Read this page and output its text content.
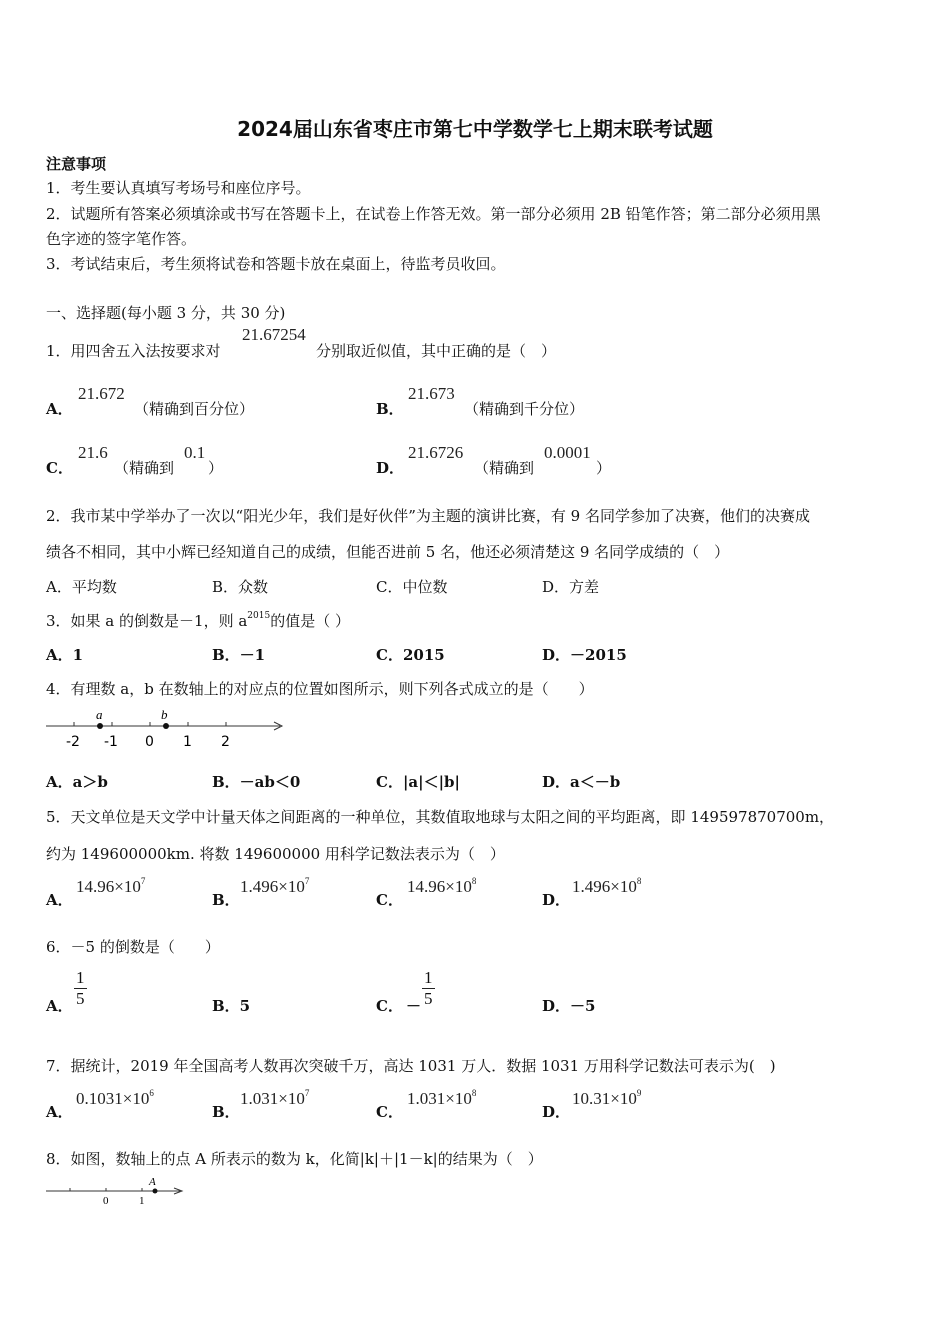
2024届山东省枣庄市第七中学数学七上期末联考试题
注意事项
1．考生要认真填写考场号和座位序号。
2．试题所有答案必须填涂或书写在答题卡上，在试卷上作答无效。第一部分必须用 2B 铅笔作答；第二部分必须用黑
色字迹的签字笔作答。
3．考试结束后，考生须将试卷和答题卡放在桌面上，待监考员收回。
一、选择题(每小题 3 分，共 30 分)
1．用四舍五入法按要求对
21.67254
分别取近似值，其中正确的是（　）
A．
21.672
（精确到百分位）	B．
21.673
（精确到千分位）
C．
21.6
（精确到
0.1
）	D．
21.6726
（精确到
0.0001
）
2．我市某中学举办了一次以“阳光少年，我们是好伙伴”为主题的演讲比赛，有 9 名同学参加了决赛，他们的决赛成
绩各不相同，其中小辉已经知道自己的成绩，但能否进前 5 名，他还必须清楚这 9 名同学成绩的（　）
A．平均数	B．众数	C．中位数	D．方差
3．如果 a 的倒数是－1，则 $a^{2015}$的值是（ ）
A．1	B．－1	C．2015	D．－2015
4．有理数 a，b 在数轴上的对应点的位置如图所示，则下列各式成立的是（　　）
a	b
-2 -1 0 1 2
A．a＞b	B．－ab＜0	C．|a|＜|b|	D．a＜－b
5．天文单位是天文学中计量天体之间距离的一种单位，其数值取地球与太阳之间的平均距离，即 149597870700m，
约为 149600000km. 将数 149600000 用科学记数法表示为（　）
A．
$14.96\times 10^7$
B．
$1.496\times 10^7$
C．
$14.96\times 10^8$
D．
$1.496\times 10^8$
6．－5 的倒数是（　　）
A． $\frac{1}{5}$	B．5	C． － $\frac{1}{5}$	D．－5
7．据统计，2019 年全国高考人数再次突破千万，高达 1031 万人．数据 1031 万用科学记数法可表示为(　)
A．
$0.1031\times 10^6$
B．
$1.031\times 10^7$
C．
$1.031\times 10^8$
D．
$10.31\times 10^9$
8．如图，数轴上的点 A 所表示的数为 k，化简|k|＋|1－k|的结果为（　）
A
0	1
